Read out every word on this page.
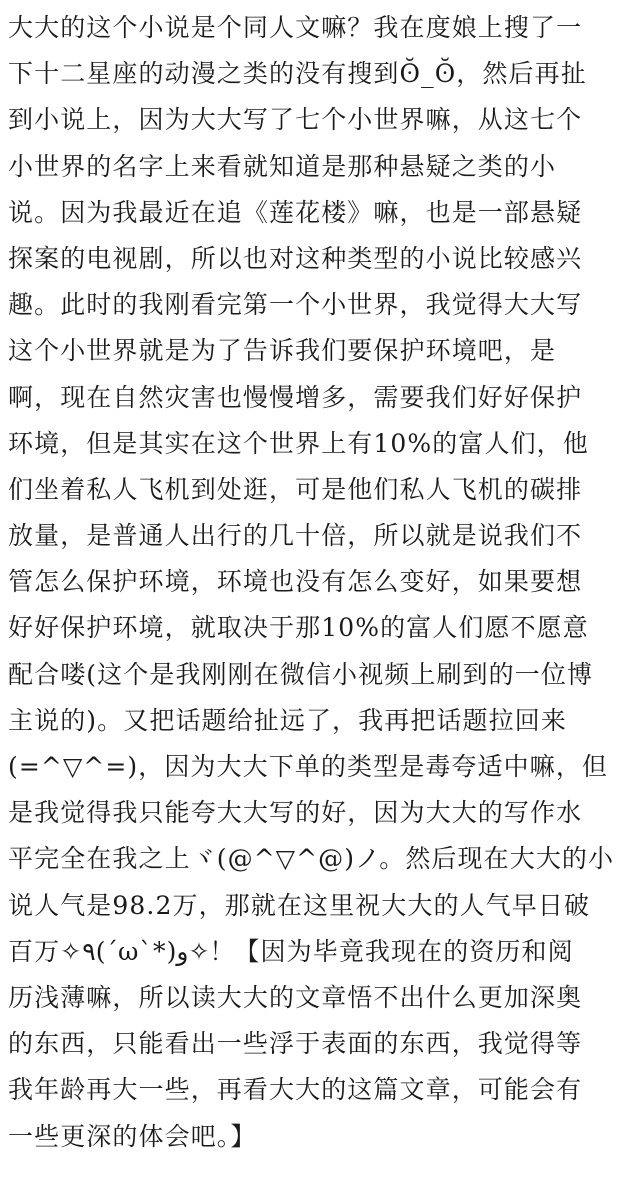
大大的这个小说是个同人文嘛？我在度娘上搜了一
下十二星座的动漫之类的没有搜到ʘ̆_ʘ̆，然后再扯
到小说上，因为大大写了七个小世界嘛，从这七个
小世界的名字上来看就知道是那种悬疑之类的小
说。因为我最近在追《莲花楼》嘛，也是一部悬疑
探案的电视剧，所以也对这种类型的小说比较感兴
趣。此时的我刚看完第一个小世界，我觉得大大写
这个小世界就是为了告诉我们要保护环境吧，是
啊，现在自然灾害也慢慢增多，需要我们好好保护
环境，但是其实在这个世界上有10%的富人们，他
们坐着私人飞机到处逛，可是他们私人飞机的碳排
放量，是普通人出行的几十倍，所以就是说我们不
管怎么保护环境，环境也没有怎么变好，如果要想
好好保护环境，就取决于那10%的富人们愿不愿意
配合喽(这个是我刚刚在微信小视频上刷到的一位博
主说的)。又把话题给扯远了，我再把话题拉回来
(=^▽^=)，因为大大下单的类型是毒夸适中嘛，但
是我觉得我只能夸大大写的好，因为大大的写作水
平完全在我之上ヾ(@^▽^@)ノ。然后现在大大的小
说人气是98.2万，那就在这里祝大大的人气早日破
百万✧٩(ˊωˋ*)و✧！【因为毕竟我现在的资历和阅
历浅薄嘛，所以读大大的文章悟不出什么更加深奥
的东西，只能看出一些浮于表面的东西，我觉得等
我年龄再大一些，再看大大的这篇文章，可能会有
一些更深的体会吧。】
